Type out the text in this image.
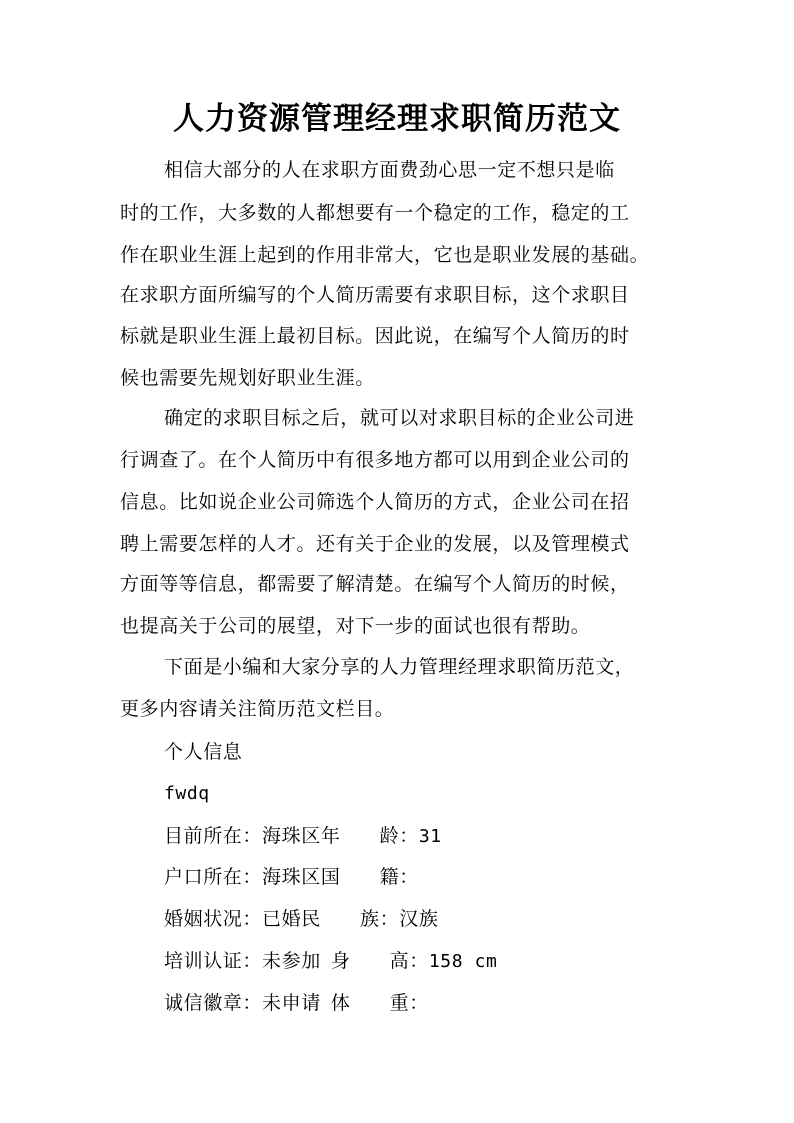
人力资源管理经理求职简历范文
相信大部分的人在求职方面费劲心思一定不想只是临
时的工作，大多数的人都想要有一个稳定的工作，稳定的工
作在职业生涯上起到的作用非常大，它也是职业发展的基础。
在求职方面所编写的个人简历需要有求职目标，这个求职目
标就是职业生涯上最初目标。因此说，在编写个人简历的时
候也需要先规划好职业生涯。
确定的求职目标之后，就可以对求职目标的企业公司进
行调查了。在个人简历中有很多地方都可以用到企业公司的
信息。比如说企业公司筛选个人简历的方式，企业公司在招
聘上需要怎样的人才。还有关于企业的发展，以及管理模式
方面等等信息，都需要了解清楚。在编写个人简历的时候，
也提高关于公司的展望，对下一步的面试也很有帮助。
下面是小编和大家分享的人力管理经理求职简历范文，
更多内容请关注简历范文栏目。
个人信息
fwdq
目前所在：海珠区年　　龄：31
户口所在：海珠区国　　籍：
婚姻状况：已婚民　　族：汉族
培训认证：未参加 身　　高：158 cm
诚信徽章：未申请 体　　重：
